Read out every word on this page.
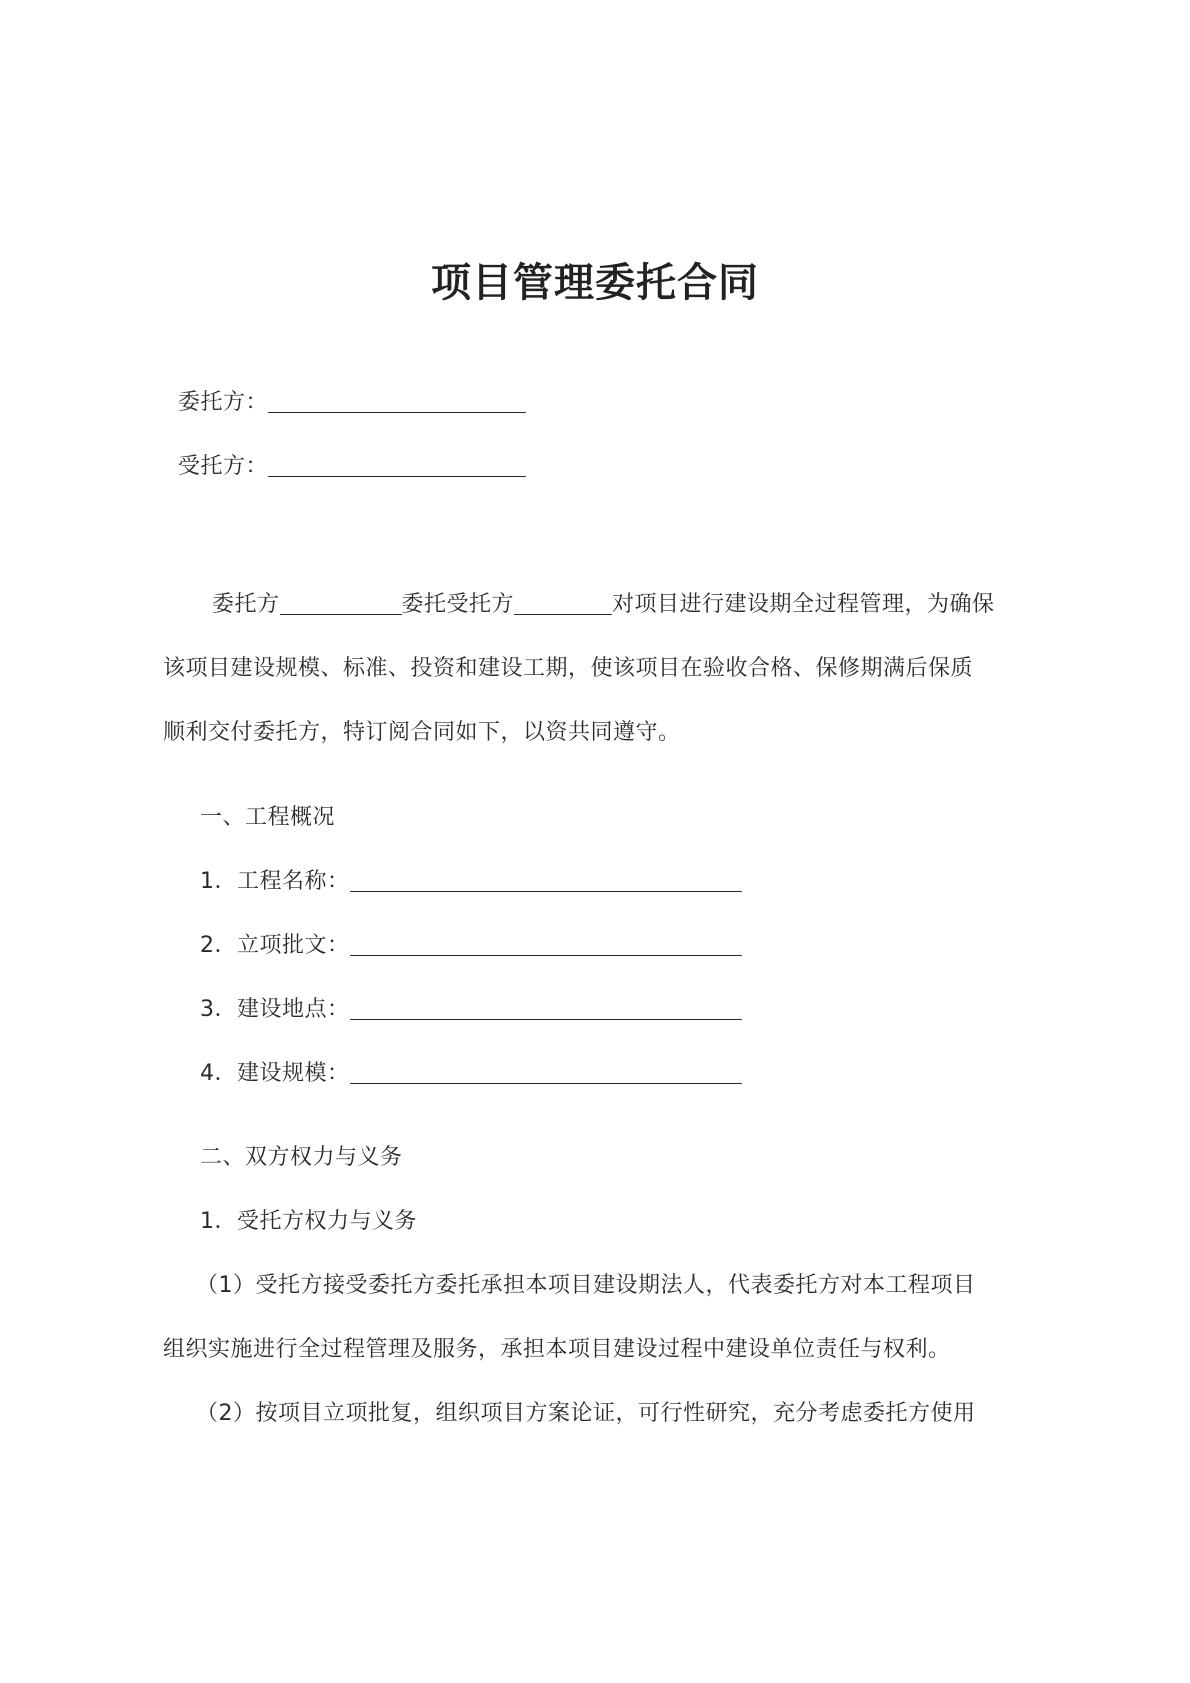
项目管理委托合同
委托方：
受托方：
委托方	委托受托方	对项目进行建设期全过程管理，为确保
该项目建设规模、标准、投资和建设工期，使该项目在验收合格、保修期满后保质
顺利交付委托方，特订阅合同如下，以资共同遵守。
一、工程概况
1．工程名称：
2．立项批文：
3．建设地点：
4．建设规模：
二、双方权力与义务
1．受托方权力与义务
（1）受托方接受委托方委托承担本项目建设期法人，代表委托方对本工程项目
组织实施进行全过程管理及服务，承担本项目建设过程中建设单位责任与权利。
（2）按项目立项批复，组织项目方案论证，可行性研究，充分考虑委托方使用
